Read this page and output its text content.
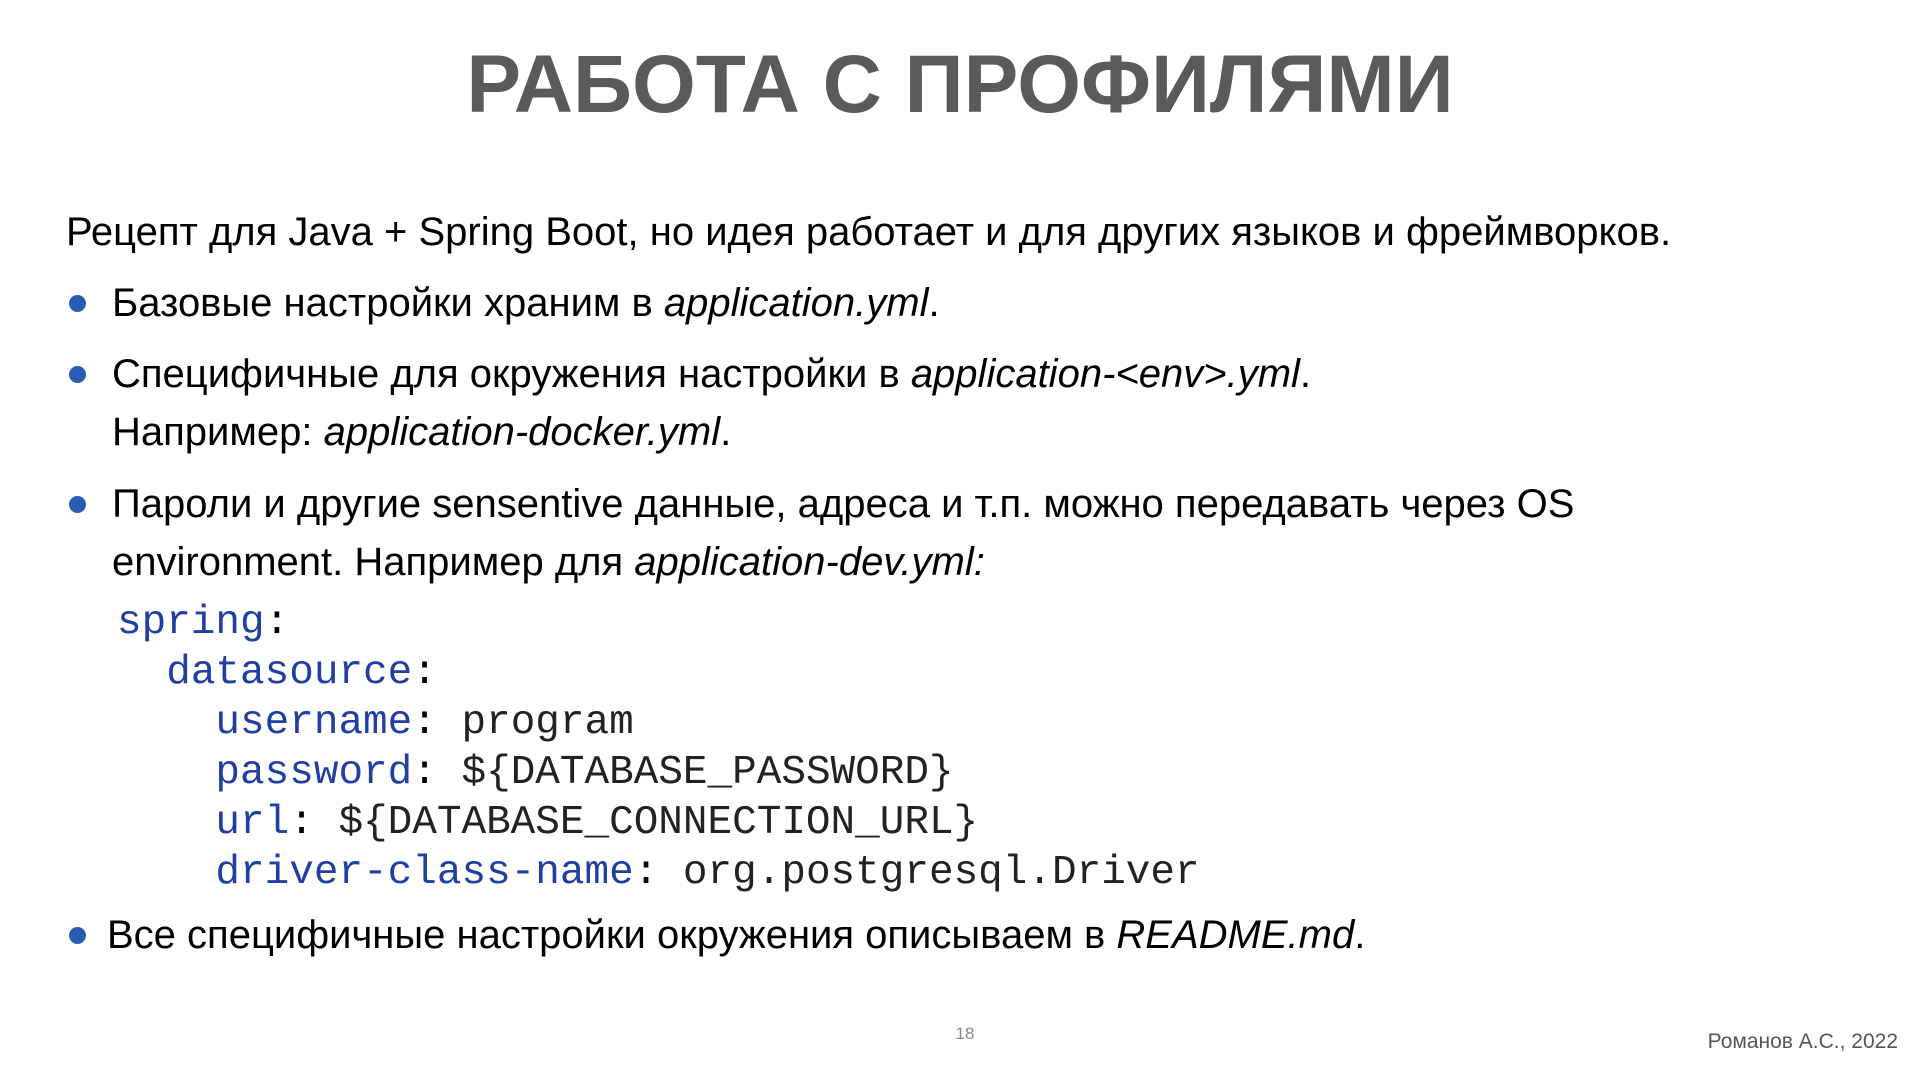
РАБОТА С ПРОФИЛЯМИ
Рецепт для Java + Spring Boot, но идея работает и для других языков и фреймворков.
Базовые настройки храним в application.yml.
Специфичные для окружения настройки в application-<env>.yml.
Например: application-docker.yml.
Пароли и другие sensentive данные, адреса и т.п. можно передавать через OS
environment. Например для application-dev.yml:
spring:
datasource:
username: program
password: ${DATABASE_PASSWORD}
url: ${DATABASE_CONNECTION_URL}
driver-class-name: org.postgresql.Driver
Все специфичные настройки окружения описываем в README.md.
18	Романов А.С., 2022
